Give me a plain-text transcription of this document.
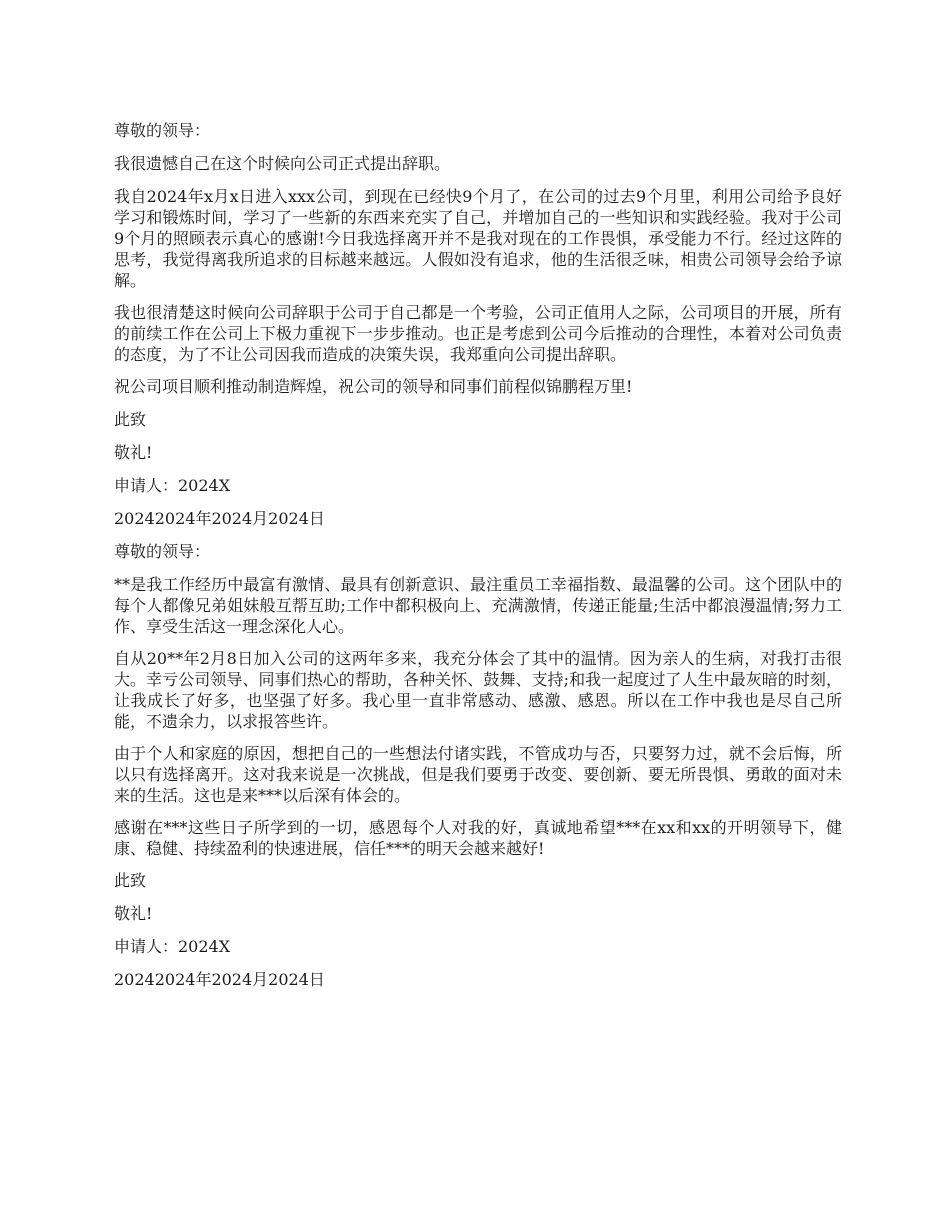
尊敬的领导：

我很遗憾自己在这个时候向公司正式提出辞职。

我自2024年x月x日进入xxx公司，到现在已经快9个月了，在公司的过去9个月里，利用公司给予良好学习和锻炼时间，学习了一些新的东西来充实了自己，并增加自己的一些知识和实践经验。我对于公司9个月的照顾表示真心的感谢!今日我选择离开并不是我对现在的工作畏惧，承受能力不行。经过这阵的思考，我觉得离我所追求的目标越来越远。人假如没有追求，他的生活很乏味，相贵公司领导会给予谅解。

我也很清楚这时候向公司辞职于公司于自己都是一个考验，公司正值用人之际，公司项目的开展，所有的前续工作在公司上下极力重视下一步步推动。也正是考虑到公司今后推动的合理性，本着对公司负责的态度，为了不让公司因我而造成的决策失误，我郑重向公司提出辞职。

祝公司项目顺利推动制造辉煌，祝公司的领导和同事们前程似锦鹏程万里!

此致

敬礼!

申请人：2024X

20242024年2024月2024日

尊敬的领导：

**是我工作经历中最富有激情、最具有创新意识、最注重员工幸福指数、最温馨的公司。这个团队中的每个人都像兄弟姐妹般互帮互助;工作中都积极向上、充满激情，传递正能量;生活中都浪漫温情;努力工作、享受生活这一理念深化人心。

自从20**年2月8日加入公司的这两年多来，我充分体会了其中的温情。因为亲人的生病，对我打击很大。幸亏公司领导、同事们热心的帮助，各种关怀、鼓舞、支持;和我一起度过了人生中最灰暗的时刻，让我成长了好多，也坚强了好多。我心里一直非常感动、感激、感恩。所以在工作中我也是尽自己所能，不遗余力，以求报答些许。

由于个人和家庭的原因，想把自己的一些想法付诸实践，不管成功与否，只要努力过，就不会后悔，所以只有选择离开。这对我来说是一次挑战，但是我们要勇于改变、要创新、要无所畏惧、勇敢的面对未来的生活。这也是来***以后深有体会的。

感谢在***这些日子所学到的一切，感恩每个人对我的好，真诚地希望***在xx和xx的开明领导下，健康、稳健、持续盈利的快速进展，信任***的明天会越来越好!

此致

敬礼!

申请人：2024X

20242024年2024月2024日
